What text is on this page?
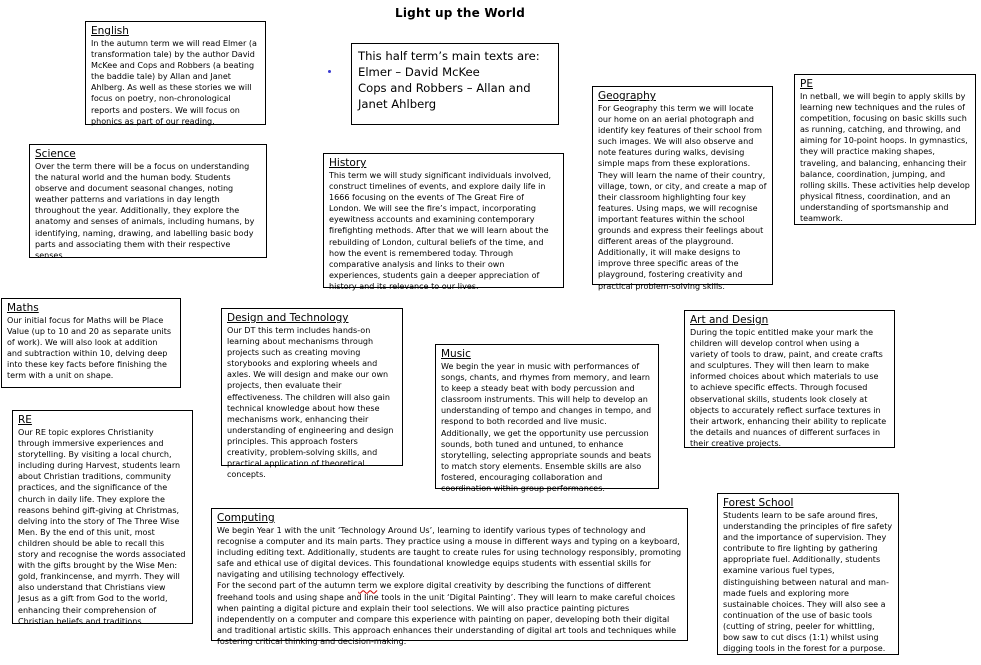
Light up the World
This half term’s main texts are:
Elmer – David McKee
Cops and Robbers – Allan and Janet Ahlberg
English

In the autumn term we will read Elmer (a transformation tale) by the author David McKee and Cops and Robbers (a beating the baddie tale) by Allan and Janet Ahlberg. As well as these stories we will focus on poetry, non-chronological reports and posters. We will focus on phonics as part of our reading.

Science

Over the term there will be a focus on understanding the natural world and the human body. Students observe and document seasonal changes, noting weather patterns and variations in day length throughout the year. Additionally, they explore the anatomy and senses of animals, including humans, by identifying, naming, drawing, and labelling basic body parts and associating them with their respective senses.

History

This term we will study significant individuals involved, construct timelines of events, and explore daily life in 1666 focusing on the events of The Great Fire of London. We will see the fire’s impact, incorporating eyewitness accounts and examining contemporary firefighting methods. After that we will learn about the rebuilding of London, cultural beliefs of the time, and how the event is remembered today. Through comparative analysis and links to their own experiences, students gain a deeper appreciation of history and its relevance to our lives.

Geography

For Geography this term we will locate our home on an aerial photograph and identify key features of their school from such images. We will also observe and note features during walks, devising simple maps from these explorations. They will learn the name of their country, village, town, or city, and create a map of their classroom highlighting four key features. Using maps, we will recognise important features within the school grounds and express their feelings about different areas of the playground. Additionally, it will make designs to improve three specific areas of the playground, fostering creativity and practical problem-solving skills.

PE

In netball, we will begin to apply skills by learning new techniques and the rules of competition, focusing on basic skills such as running, catching, and throwing, and aiming for 10-point hoops. In gymnastics, they will practice making shapes, traveling, and balancing, enhancing their balance, coordination, jumping, and rolling skills. These activities help develop physical fitness, coordination, and an understanding of sportsmanship and teamwork.

Maths

Our initial focus for Maths will be Place Value (up to 10 and 20 as separate units of work). We will also look at addition and subtraction within 10, delving deep into these key facts before finishing the term with a unit on shape.

Design and Technology

Our DT this term includes hands-on learning about mechanisms through projects such as creating moving storybooks and exploring wheels and axles. We will design and make our own projects, then evaluate their effectiveness. The children will also gain technical knowledge about how these mechanisms work, enhancing their understanding of engineering and design principles. This approach fosters creativity, problem-solving skills, and practical application of theoretical concepts.

Music

We begin the year in music with performances of songs, chants, and rhymes from memory, and learn to keep a steady beat with body percussion and classroom instruments. This will help to develop an understanding of tempo and changes in tempo, and respond to both recorded and live music. Additionally, we get the opportunity use percussion sounds, both tuned and untuned, to enhance storytelling, selecting appropriate sounds and beats to match story elements. Ensemble skills are also fostered, encouraging collaboration and coordination within group performances.

Art and Design

During the topic entitled make your mark the children will develop control when using a variety of tools to draw, paint, and create crafts and sculptures. They will then learn to make informed choices about which materials to use to achieve specific effects. Through focused observational skills, students look closely at objects to accurately reflect surface textures in their artwork, enhancing their ability to replicate the details and nuances of different surfaces in their creative projects.

RE

Our RE topic explores Christianity through immersive experiences and storytelling. By visiting a local church, including during Harvest, students learn about Christian traditions, community practices, and the significance of the church in daily life. They explore the reasons behind gift-giving at Christmas, delving into the story of The Three Wise Men. By the end of this unit, most children should be able to recall this story and recognise the words associated with the gifts brought by the Wise Men: gold, frankincense, and myrrh. They will also understand that Christians view Jesus as a gift from God to the world, enhancing their comprehension of Christian beliefs and traditions.

Computing

We begin Year 1 with the unit ‘Technology Around Us’, learning to identify various types of technology and recognise a computer and its main parts. They practice using a mouse in different ways and typing on a keyboard, including editing text. Additionally, students are taught to create rules for using technology responsibly, promoting safe and ethical use of digital devices. This foundational knowledge equips students with essential skills for navigating and utilising technology effectively.

For the second part of the autumn term we explore digital creativity by describing the functions of different freehand tools and using shape and line tools in the unit ‘Digital Painting’. They will learn to make careful choices when painting a digital picture and explain their tool selections. We will also practice painting pictures independently on a computer and compare this experience with painting on paper, developing both their digital and traditional artistic skills. This approach enhances their understanding of digital art tools and techniques while fostering critical thinking and decision-making.

Forest School

Students learn to be safe around fires, understanding the principles of fire safety and the importance of supervision. They contribute to fire lighting by gathering appropriate fuel. Additionally, students examine various fuel types, distinguishing between natural and man-made fuels and exploring more sustainable choices. They will also see a continuation of the use of basic tools (cutting of string, peeler for whittling, bow saw to cut discs (1:1) whilst using digging tools in the forest for a purpose.
